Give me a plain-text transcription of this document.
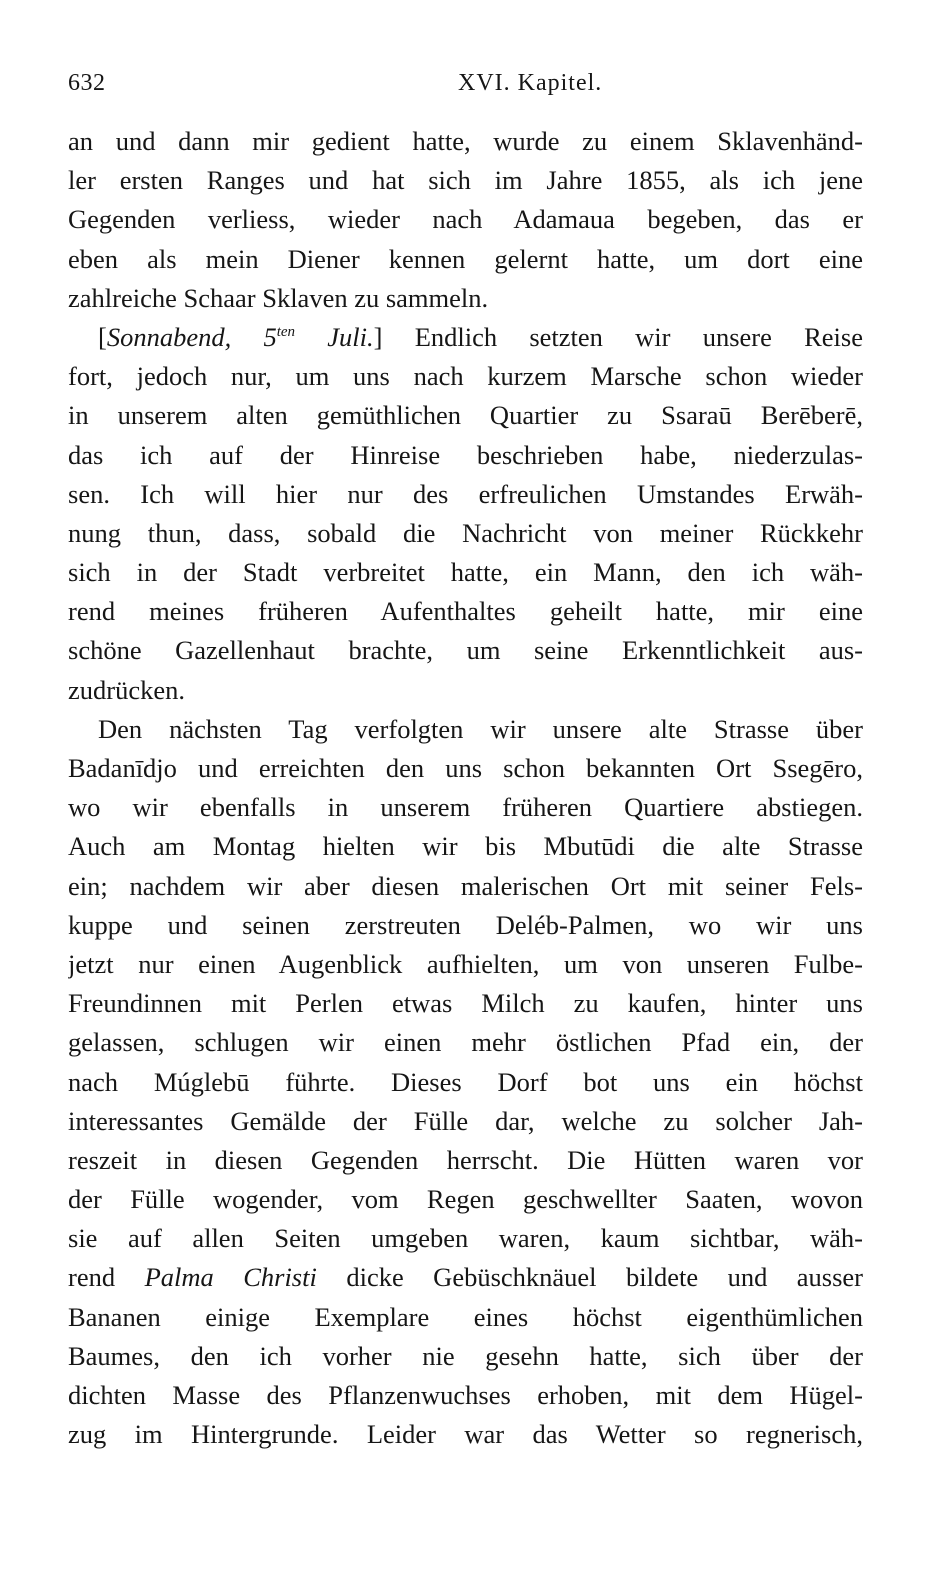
632	XVI. Kapitel.
an und dann mir gedient hatte, wurde zu einem Sklavenhänd-
ler ersten Ranges und hat sich im Jahre 1855, als ich jene
Gegenden verliess, wieder nach Adamaua begeben, das er
eben als mein Diener kennen gelernt hatte, um dort eine
zahlreiche Schaar Sklaven zu sammeln.
[Sonnabend, $5^{ten}$ Juli.] Endlich setzten wir unsere Reise
fort, jedoch nur, um uns nach kurzem Marsche schon wieder
in unserem alten gemüthlichen Quartier zu Ssaraū Berēberē,
das ich auf der Hinreise beschrieben habe, niederzulas-
sen. Ich will hier nur des erfreulichen Umstandes Erwäh-
nung thun, dass, sobald die Nachricht von meiner Rückkehr
sich in der Stadt verbreitet hatte, ein Mann, den ich wäh-
rend meines früheren Aufenthaltes geheilt hatte, mir eine
schöne Gazellenhaut brachte, um seine Erkenntlichkeit aus-
zudrücken.
Den nächsten Tag verfolgten wir unsere alte Strasse über
Badanīdjo und erreichten den uns schon bekannten Ort Ssegēro,
wo wir ebenfalls in unserem früheren Quartiere abstiegen.
Auch am Montag hielten wir bis Mbutūdi die alte Strasse
ein; nachdem wir aber diesen malerischen Ort mit seiner Fels-
kuppe und seinen zerstreuten Deléb-Palmen, wo wir uns
jetzt nur einen Augenblick aufhielten, um von unseren Fulbe-
Freundinnen mit Perlen etwas Milch zu kaufen, hinter uns
gelassen, schlugen wir einen mehr östlichen Pfad ein, der
nach Múglebū führte. Dieses Dorf bot uns ein höchst
interessantes Gemälde der Fülle dar, welche zu solcher Jah-
reszeit in diesen Gegenden herrscht. Die Hütten waren vor
der Fülle wogender, vom Regen geschwellter Saaten, wovon
sie auf allen Seiten umgeben waren, kaum sichtbar, wäh-
rend Palma Christi dicke Gebüschknäuel bildete und ausser
Bananen einige Exemplare eines höchst eigenthümlichen
Baumes, den ich vorher nie gesehn hatte, sich über der
dichten Masse des Pflanzenwuchses erhoben, mit dem Hügel-
zug im Hintergrunde. Leider war das Wetter so regnerisch,
